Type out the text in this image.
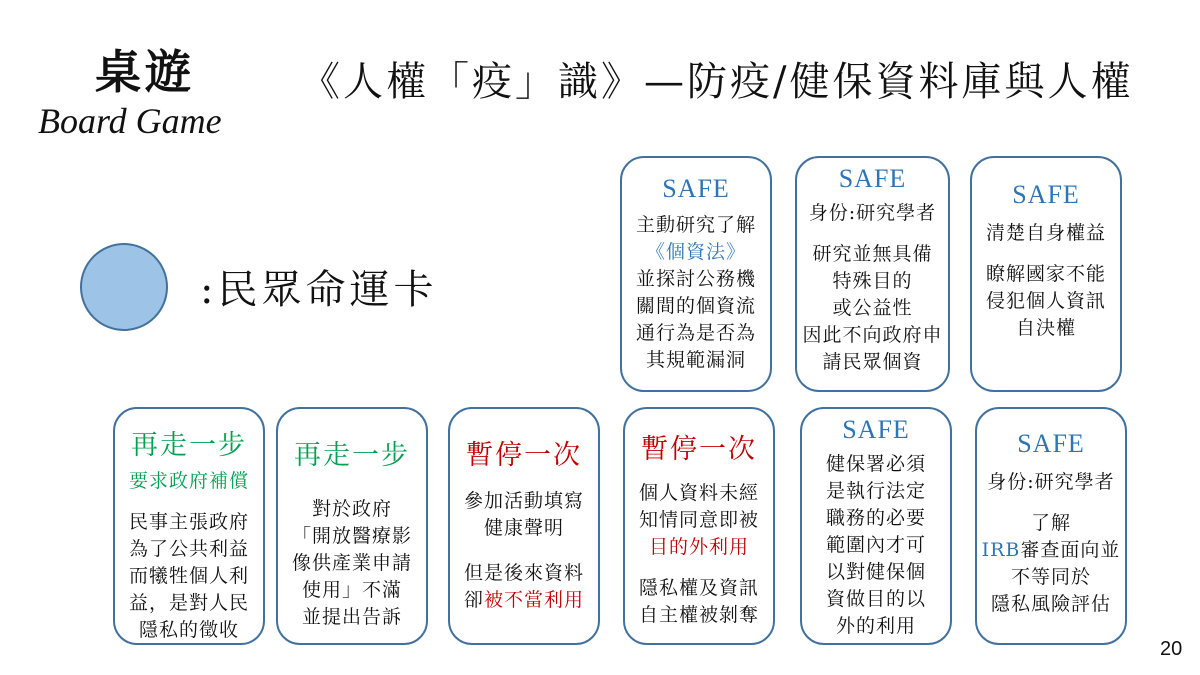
桌遊
Board Game
《人權「疫」識》—防疫/健保資料庫與人權
:民眾命運卡
SAFE
主動研究了解
《個資法》
並探討公務機
關間的個資流
通行為是否為
其規範漏洞
SAFE
身份:研究學者
研究並無具備
特殊目的
或公益性
因此不向政府申
請民眾個資
SAFE
清楚自身權益
瞭解國家不能
侵犯個人資訊
自決權
再走一步
要求政府補償
民事主張政府
為了公共利益
而犧牲個人利
益，是對人民
隱私的徵收
再走一步
對於政府
「開放醫療影
像供產業申請
使用」不滿
並提出告訴
暫停一次
參加活動填寫
健康聲明
但是後來資料
卻被不當利用
暫停一次
個人資料未經
知情同意即被
目的外利用
隱私權及資訊
自主權被剝奪
SAFE
健保署必須
是執行法定
職務的必要
範圍內才可
以對健保個
資做目的以
外的利用
SAFE
身份:研究學者
了解
IRB審查面向並
不等同於
隱私風險評估
20
